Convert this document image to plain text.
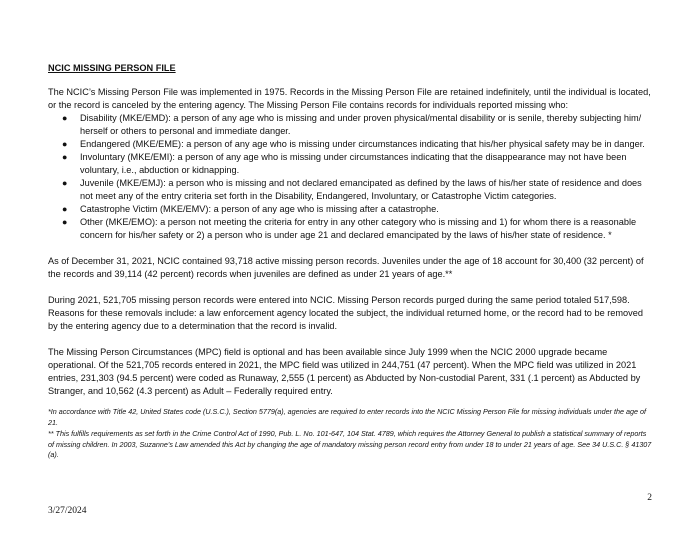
NCIC MISSING PERSON FILE

The NCIC’s Missing Person File was implemented in 1975. Records in the Missing Person File are retained indefinitely, until the individual is located, or the record is canceled by the entering agency. The Missing Person File contains records for individuals reported missing who:

● Disability (MKE/EMD): a person of any age who is missing and under proven physical/mental disability or is senile, thereby subjecting him/ herself or others to personal and immediate danger.
● Endangered (MKE/EME): a person of any age who is missing under circumstances indicating that his/her physical safety may be in danger.
● Involuntary (MKE/EMI): a person of any age who is missing under circumstances indicating that the disappearance may not have been voluntary, i.e., abduction or kidnapping.
● Juvenile (MKE/EMJ): a person who is missing and not declared emancipated as defined by the laws of his/her state of residence and does not meet any of the entry criteria set forth in the Disability, Endangered, Involuntary, or Catastrophe Victim categories.
● Catastrophe Victim (MKE/EMV): a person of any age who is missing after a catastrophe.
● Other (MKE/EMO): a person not meeting the criteria for entry in any other category who is missing and 1) for whom there is a reasonable concern for his/her safety or 2) a person who is under age 21 and declared emancipated by the laws of his/her state of residence. *

As of December 31, 2021, NCIC contained 93,718 active missing person records. Juveniles under the age of 18 account for 30,400 (32 percent) of the records and 39,114 (42 percent) records when juveniles are defined as under 21 years of age.**

During 2021, 521,705 missing person records were entered into NCIC. Missing Person records purged during the same period totaled 517,598. Reasons for these removals include: a law enforcement agency located the subject, the individual returned home, or the record had to be removed by the entering agency due to a determination that the record is invalid.

The Missing Person Circumstances (MPC) field is optional and has been available since July 1999 when the NCIC 2000 upgrade became operational. Of the 521,705 records entered in 2021, the MPC field was utilized in 244,751 (47 percent). When the MPC field was utilized in 2021 entries, 231,303 (94.5 percent) were coded as Runaway, 2,555 (1 percent) as Abducted by Non-custodial Parent, 331 (.1 percent) as Abducted by Stranger, and 10,562 (4.3 percent) as Adult – Federally required entry.

*In accordance with Title 42, United States code (U.S.C.), Section 5779(a), agencies are required to enter records into the NCIC Missing Person File for missing individuals under the age of 21.

** This fulfills requirements as set forth in the Crime Control Act of 1990, Pub. L. No. 101-647, 104 Stat. 4789, which requires the Attorney General to publish a statistical summary of reports of missing children. In 2003, Suzanne’s Law amended this Act by changing the age of mandatory missing person record entry from under 18 to under 21 years of age. See 34 U.S.C. § 41307 (a).

2
3/27/2024
